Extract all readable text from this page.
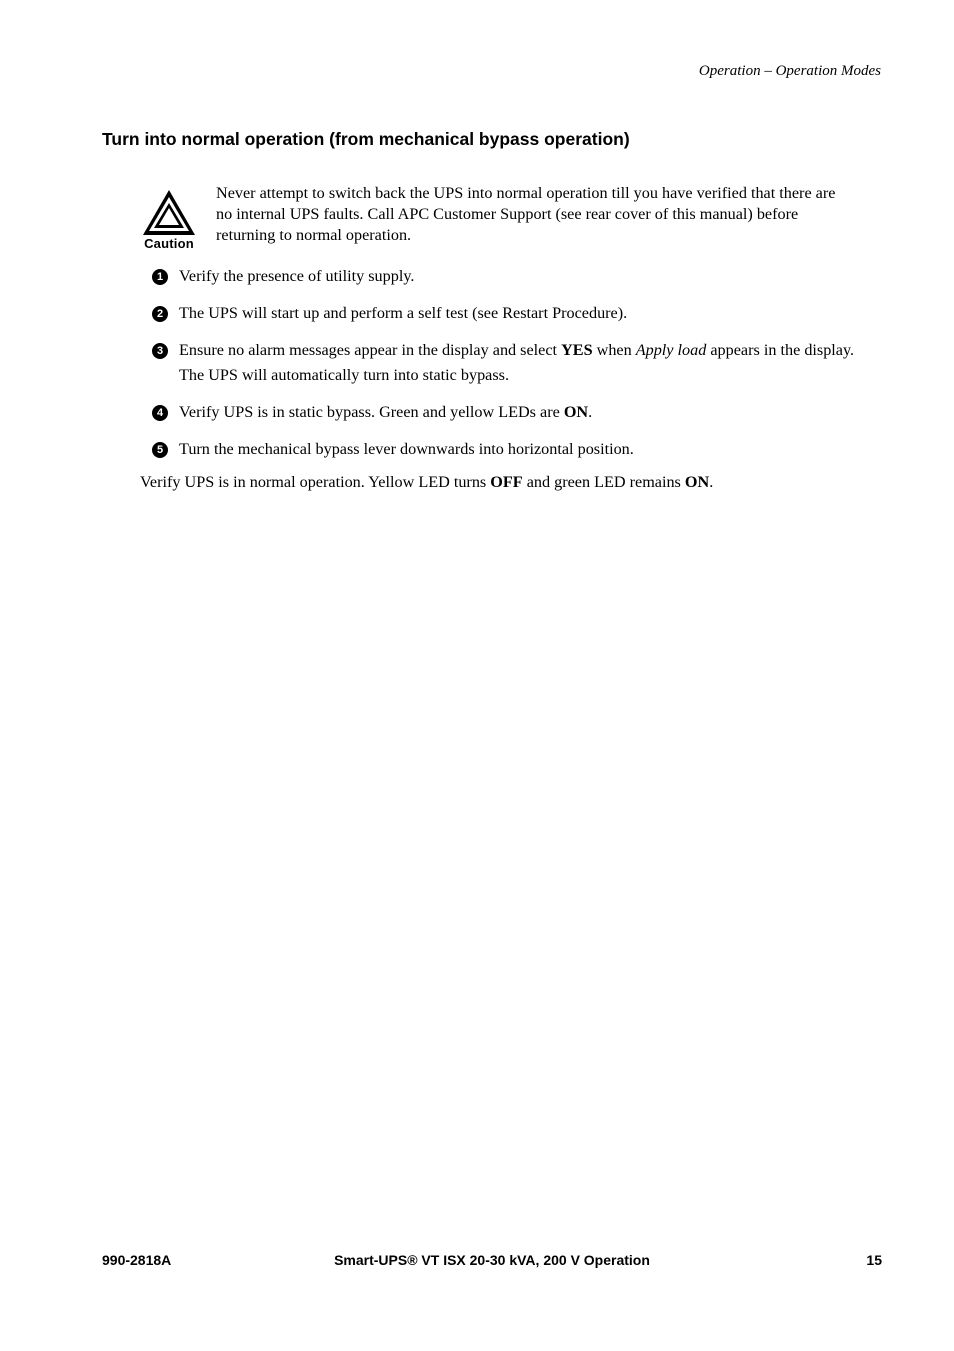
Operation – Operation Modes
Turn into normal operation (from mechanical bypass operation)
Caution
Never attempt to switch back the UPS into normal operation till you have verified that there are no internal UPS faults. Call APC Customer Support (see rear cover of this manual) before returning to normal operation.
1 Verify the presence of utility supply.
2 The UPS will start up and perform a self test (see Restart Procedure).
3 Ensure no alarm messages appear in the display and select YES when Apply load appears in the display. The UPS will automatically turn into static bypass.
4 Verify UPS is in static bypass. Green and yellow LEDs are ON.
5 Turn the mechanical bypass lever downwards into horizontal position.

Verify UPS is in normal operation. Yellow LED turns OFF and green LED remains ON.

990-2818A	Smart-UPS® VT ISX 20-30 kVA, 200 V Operation	15
